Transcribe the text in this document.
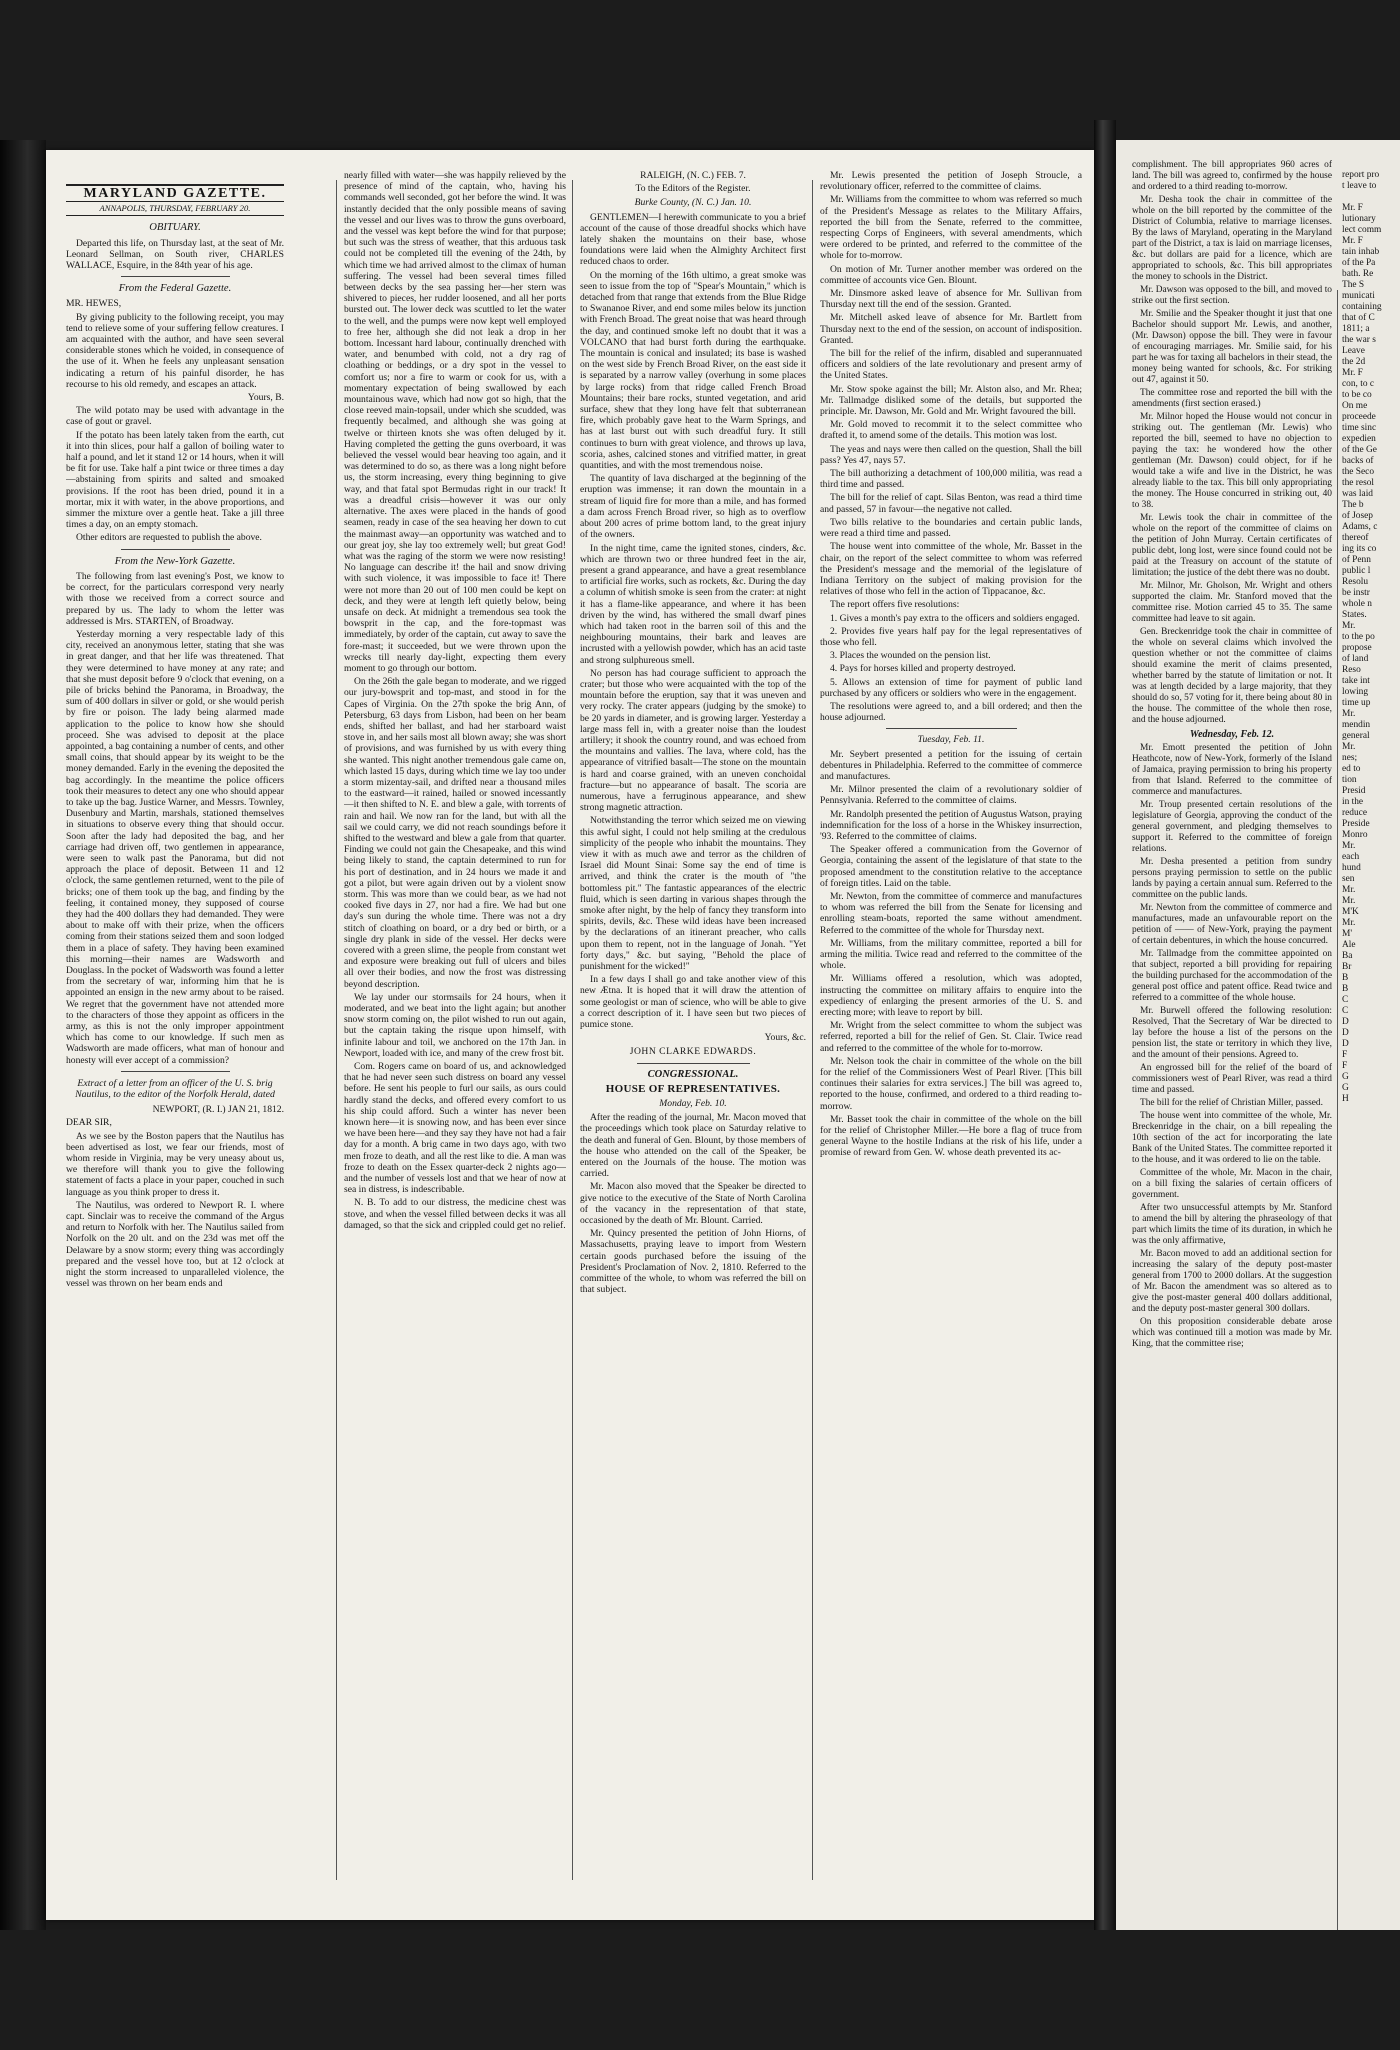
MARYLAND GAZETTE.
ANNAPOLIS, THURSDAY, FEBRUARY 20.
OBITUARY.

Departed this life, on Thursday last, at the seat of Mr. Leonard Sellman, on South river, CHARLES WALLACE, Esquire, in the 84th year of his age.

From the Federal Gazette.

MR. HEWES,

By giving publicity to the following receipt, you may tend to relieve some of your suffering fellow creatures. I am acquainted with the author, and have seen several considerable stones which he voided, in consequence of the use of it. When he feels any unpleasant sensation indicating a return of his painful disorder, he has recourse to his old remedy, and escapes an attack.

Yours, B.

The wild potato may be used with advantage in the case of gout or gravel.

If the potato has been lately taken from the earth, cut it into thin slices, pour half a gallon of boiling water to half a pound, and let it stand 12 or 14 hours, when it will be fit for use. Take half a pint twice or three times a day—abstaining from spirits and salted and smoaked provisions. If the root has been dried, pound it in a mortar, mix it with water, in the above proportions, and simmer the mixture over a gentle heat. Take a jill three times a day, on an empty stomach.

Other editors are requested to publish the above.

From the New-York Gazette.

The following from last evening's Post, we know to be correct, for the particulars correspond very nearly with those we received from a correct source and prepared by us. The lady to whom the letter was addressed is Mrs. STARTEN, of Broadway.

Yesterday morning a very respectable lady of this city, received an anonymous letter, stating that she was in great danger, and that her life was threatened. That they were determined to have money at any rate; and that she must deposit before 9 o'clock that evening, on a pile of bricks behind the Panorama, in Broadway, the sum of 400 dollars in silver or gold, or she would perish by fire or poison. The lady being alarmed made application to the police to know how she should proceed. She was advised to deposit at the place appointed, a bag containing a number of cents, and other small coins, that should appear by its weight to be the money demanded. Early in the evening the deposited the bag accordingly. In the meantime the police officers took their measures to detect any one who should appear to take up the bag. Justice Warner, and Messrs. Townley, Dusenbury and Martin, marshals, stationed themselves in situations to observe every thing that should occur. Soon after the lady had deposited the bag, and her carriage had driven off, two gentlemen in appearance, were seen to walk past the Panorama, but did not approach the place of deposit. Between 11 and 12 o'clock, the same gentlemen returned, went to the pile of bricks; one of them took up the bag, and finding by the feeling, it contained money, they supposed of course they had the 400 dollars they had demanded. They were about to make off with their prize, when the officers coming from their stations seized them and soon lodged them in a place of safety. They having been examined this morning—their names are Wadsworth and Douglass. In the pocket of Wadsworth was found a letter from the secretary of war, informing him that he is appointed an ensign in the new army about to be raised. We regret that the government have not attended more to the characters of those they appoint as officers in the army, as this is not the only improper appointment which has come to our knowledge. If such men as Wadsworth are made officers, what man of honour and honesty will ever accept of a commission?

Extract of a letter from an officer of the U. S. brig Nautilus, to the editor of the Norfolk Herald, dated

NEWPORT, (R. I.) JAN 21, 1812.

DEAR SIR,

As we see by the Boston papers that the Nautilus has been advertised as lost, we fear our friends, most of whom reside in Virginia, may be very uneasy about us, we therefore will thank you to give the following statement of facts a place in your paper, couched in such language as you think proper to dress it.

The Nautilus, was ordered to Newport R. I. where capt. Sinclair was to receive the command of the Argus and return to Norfolk with her. The Nautilus sailed from Norfolk on the 20 ult. and on the 23d was met off the Delaware by a snow storm; every thing was accordingly prepared and the vessel hove too, but at 12 o'clock at night the storm increased to unparalleled violence, the vessel was thrown on her beam ends and

nearly filled with water—she was happily relieved by the presence of mind of the captain, who, having his commands well seconded, got her before the wind. It was instantly decided that the only possible means of saving the vessel and our lives was to throw the guns overboard, and the vessel was kept before the wind for that purpose; but such was the stress of weather, that this arduous task could not be completed till the evening of the 24th, by which time we had arrived almost to the climax of human suffering. The vessel had been several times filled between decks by the sea passing her—her stern was shivered to pieces, her rudder loosened, and all her ports bursted out. The lower deck was scuttled to let the water to the well, and the pumps were now kept well employed to free her, although she did not leak a drop in her bottom. Incessant hard labour, continually drenched with water, and benumbed with cold, not a dry rag of cloathing or beddings, or a dry spot in the vessel to comfort us; nor a fire to warm or cook for us, with a momentary expectation of being swallowed by each mountainous wave, which had now got so high, that the close reeved main-topsail, under which she scudded, was frequently becalmed, and although she was going at twelve or thirteen knots she was often deluged by it. Having completed the getting the guns overboard, it was believed the vessel would bear heaving too again, and it was determined to do so, as there was a long night before us, the storm increasing, every thing beginning to give way, and that fatal spot Bermudas right in our track! It was a dreadful crisis—however it was our only alternative. The axes were placed in the hands of good seamen, ready in case of the sea heaving her down to cut the mainmast away—an opportunity was watched and to our great joy, she lay too extremely well; but great God! what was the raging of the storm we were now resisting! No language can describe it! the hail and snow driving with such violence, it was impossible to face it! There were not more than 20 out of 100 men could be kept on deck, and they were at length left quietly below, being unsafe on deck. At midnight a tremendous sea took the bowsprit in the cap, and the fore-topmast was immediately, by order of the captain, cut away to save the fore-mast; it succeeded, but we were thrown upon the wrecks till nearly day-light, expecting them every moment to go through our bottom.

On the 26th the gale began to moderate, and we rigged our jury-bowsprit and top-mast, and stood in for the Capes of Virginia. On the 27th spoke the brig Ann, of Petersburg, 63 days from Lisbon, had been on her beam ends, shifted her ballast, and had her starboard waist stove in, and her sails most all blown away; she was short of provisions, and was furnished by us with every thing she wanted. This night another tremendous gale came on, which lasted 15 days, during which time we lay too under a storm mizentay-sail, and drifted near a thousand miles to the eastward—it rained, hailed or snowed incessantly—it then shifted to N. E. and blew a gale, with torrents of rain and hail. We now ran for the land, but with all the sail we could carry, we did not reach soundings before it shifted to the westward and blew a gale from that quarter. Finding we could not gain the Chesapeake, and this wind being likely to stand, the captain determined to run for his port of destination, and in 24 hours we made it and got a pilot, but were again driven out by a violent snow storm. This was more than we could bear, as we had not cooked five days in 27, nor had a fire. We had but one day's sun during the whole time. There was not a dry stitch of cloathing on board, or a dry bed or birth, or a single dry plank in side of the vessel. Her decks were covered with a green slime, the people from constant wet and exposure were breaking out full of ulcers and biles all over their bodies, and now the frost was distressing beyond description.

We lay under our stormsails for 24 hours, when it moderated, and we beat into the light again; but another snow storm coming on, the pilot wished to run out again, but the captain taking the risque upon himself, with infinite labour and toil, we anchored on the 17th Jan. in Newport, loaded with ice, and many of the crew frost bit.

Com. Rogers came on board of us, and acknowledged that he had never seen such distress on board any vessel before. He sent his people to furl our sails, as ours could hardly stand the decks, and offered every comfort to us his ship could afford. Such a winter has never been known here—it is snowing now, and has been ever since we have been here—and they say they have not had a fair day for a month. A brig came in two days ago, with two men froze to death, and all the rest like to die. A man was froze to death on the Essex quarter-deck 2 nights ago—and the number of vessels lost and that we hear of now at sea in distress, is indescribable.

N. B. To add to our distress, the medicine chest was stove, and when the vessel filled between decks it was all damaged, so that the sick and crippled could get no relief.

RALEIGH, (N. C.) FEB. 7.

To the Editors of the Register.

Burke County, (N. C.) Jan. 10.

GENTLEMEN—I herewith communicate to you a brief account of the cause of those dreadful shocks which have lately shaken the mountains on their base, whose foundations were laid when the Almighty Architect first reduced chaos to order.

On the morning of the 16th ultimo, a great smoke was seen to issue from the top of "Spear's Mountain," which is detached from that range that extends from the Blue Ridge to Swananoe River, and end some miles below its junction with French Broad. The great noise that was heard through the day, and continued smoke left no doubt that it was a VOLCANO that had burst forth during the earthquake. The mountain is conical and insulated; its base is washed on the west side by French Broad River, on the east side it is separated by a narrow valley (overhung in some places by large rocks) from that ridge called French Broad Mountains; their bare rocks, stunted vegetation, and arid surface, shew that they long have felt that subterranean fire, which probably gave heat to the Warm Springs, and has at last burst out with such dreadful fury. It still continues to burn with great violence, and throws up lava, scoria, ashes, calcined stones and vitrified matter, in great quantities, and with the most tremendous noise.

The quantity of lava discharged at the beginning of the eruption was immense; it ran down the mountain in a stream of liquid fire for more than a mile, and has formed a dam across French Broad river, so high as to overflow about 200 acres of prime bottom land, to the great injury of the owners.

In the night time, came the ignited stones, cinders, &c. which are thrown two or three hundred feet in the air, present a grand appearance, and have a great resemblance to artificial fire works, such as rockets, &c. During the day a column of whitish smoke is seen from the crater: at night it has a flame-like appearance, and where it has been driven by the wind, has withered the small dwarf pines which had taken root in the barren soil of this and the neighbouring mountains, their bark and leaves are incrusted with a yellowish powder, which has an acid taste and strong sulphureous smell.

No person has had courage sufficient to approach the crater; but those who were acquainted with the top of the mountain before the eruption, say that it was uneven and very rocky. The crater appears (judging by the smoke) to be 20 yards in diameter, and is growing larger. Yesterday a large mass fell in, with a greater noise than the loudest artillery; it shook the country round, and was echoed from the mountains and vallies. The lava, where cold, has the appearance of vitrified basalt—The stone on the mountain is hard and coarse grained, with an uneven conchoidal fracture—but no appearance of basalt. The scoria are numerous, have a ferruginous appearance, and shew strong magnetic attraction.

Notwithstanding the terror which seized me on viewing this awful sight, I could not help smiling at the credulous simplicity of the people who inhabit the mountains. They view it with as much awe and terror as the children of Israel did Mount Sinai: Some say the end of time is arrived, and think the crater is the mouth of "the bottomless pit." The fantastic appearances of the electric fluid, which is seen darting in various shapes through the smoke after night, by the help of fancy they transform into spirits, devils, &c. These wild ideas have been increased by the declarations of an itinerant preacher, who calls upon them to repent, not in the language of Jonah. "Yet forty days," &c. but saying, "Behold the place of punishment for the wicked!"

In a few days I shall go and take another view of this new Ætna. It is hoped that it will draw the attention of some geologist or man of science, who will be able to give a correct description of it. I have seen but two pieces of pumice stone.

Yours, &c.

JOHN CLARKE EDWARDS.

CONGRESSIONAL.
HOUSE OF REPRESENTATIVES.

Monday, Feb. 10.

After the reading of the journal, Mr. Macon moved that the proceedings which took place on Saturday relative to the death and funeral of Gen. Blount, by those members of the house who attended on the call of the Speaker, be entered on the Journals of the house. The motion was carried.

Mr. Macon also moved that the Speaker be directed to give notice to the executive of the State of North Carolina of the vacancy in the representation of that state, occasioned by the death of Mr. Blount. Carried.

Mr. Quincy presented the petition of John Hiorns, of Massachusetts, praying leave to import from Western certain goods purchased before the issuing of the President's Proclamation of Nov. 2, 1810. Referred to the committee of the whole, to whom was referred the bill on that subject.

Mr. Lewis presented the petition of Joseph Stroucle, a revolutionary officer, referred to the committee of claims.

Mr. Williams from the committee to whom was referred so much of the President's Message as relates to the Military Affairs, reported the bill from the Senate, referred to the committee, respecting Corps of Engineers, with several amendments, which were ordered to be printed, and referred to the committee of the whole for to-morrow.

On motion of Mr. Turner another member was ordered on the committee of accounts vice Gen. Blount.

Mr. Dinsmore asked leave of absence for Mr. Sullivan from Thursday next till the end of the session. Granted.

Mr. Mitchell asked leave of absence for Mr. Bartlett from Thursday next to the end of the session, on account of indisposition. Granted.

The bill for the relief of the infirm, disabled and superannuated officers and soldiers of the late revolutionary and present army of the United States.

Mr. Stow spoke against the bill; Mr. Alston also, and Mr. Rhea; Mr. Tallmadge disliked some of the details, but supported the principle. Mr. Dawson, Mr. Gold and Mr. Wright favoured the bill.

Mr. Gold moved to recommit it to the select committee who drafted it, to amend some of the details. This motion was lost.

The yeas and nays were then called on the question, Shall the bill pass? Yes 47, nays 57.

The bill authorizing a detachment of 100,000 militia, was read a third time and passed.

The bill for the relief of capt. Silas Benton, was read a third time and passed, 57 in favour—the negative not called.

Two bills relative to the boundaries and certain public lands, were read a third time and passed.

The house went into committee of the whole, Mr. Basset in the chair, on the report of the select committee to whom was referred the President's message and the memorial of the legislature of Indiana Territory on the subject of making provision for the relatives of those who fell in the action of Tippacanoe, &c.

The report offers five resolutions:

1. Gives a month's pay extra to the officers and soldiers engaged.

2. Provides five years half pay for the legal representatives of those who fell.

3. Places the wounded on the pension list.

4. Pays for horses killed and property destroyed.

5. Allows an extension of time for payment of public land purchased by any officers or soldiers who were in the engagement.

The resolutions were agreed to, and a bill ordered; and then the house adjourned.

Tuesday, Feb. 11.

Mr. Seybert presented a petition for the issuing of certain debentures in Philadelphia. Referred to the committee of commerce and manufactures.

Mr. Milnor presented the claim of a revolutionary soldier of Pennsylvania. Referred to the committee of claims.

Mr. Randolph presented the petition of Augustus Watson, praying indemnification for the loss of a horse in the Whiskey insurrection, '93. Referred to the committee of claims.

The Speaker offered a communication from the Governor of Georgia, containing the assent of the legislature of that state to the proposed amendment to the constitution relative to the acceptance of foreign titles. Laid on the table.

Mr. Newton, from the committee of commerce and manufactures to whom was referred the bill from the Senate for licensing and enrolling steam-boats, reported the same without amendment. Referred to the committee of the whole for Thursday next.

Mr. Williams, from the military committee, reported a bill for arming the militia. Twice read and referred to the committee of the whole.

Mr. Williams offered a resolution, which was adopted, instructing the committee on military affairs to enquire into the expediency of enlarging the present armories of the U. S. and erecting more; with leave to report by bill.

Mr. Wright from the select committee to whom the subject was referred, reported a bill for the relief of Gen. St. Clair. Twice read and referred to the committee of the whole for to-morrow.

Mr. Nelson took the chair in committee of the whole on the bill for the relief of the Commissioners West of Pearl River. [This bill continues their salaries for extra services.] The bill was agreed to, reported to the house, confirmed, and ordered to a third reading to-morrow.

Mr. Basset took the chair in committee of the whole on the bill for the relief of Christopher Miller.—He bore a flag of truce from general Wayne to the hostile Indians at the risk of his life, under a promise of reward from Gen. W. whose death prevented its ac-

complishment. The bill appropriates 960 acres of land. The bill was agreed to, confirmed by the house and ordered to a third reading to-morrow.

Mr. Desha took the chair in committee of the whole on the bill reported by the committee of the District of Columbia, relative to marriage licenses. By the laws of Maryland, operating in the Maryland part of the District, a tax is laid on marriage licenses, &c. but dollars are paid for a licence, which are appropriated to schools, &c. This bill appropriates the money to schools in the District.

Mr. Dawson was opposed to the bill, and moved to strike out the first section.

Mr. Smilie and the Speaker thought it just that one Bachelor should support Mr. Lewis, and another, (Mr. Dawson) oppose the bill. They were in favour of encouraging marriages. Mr. Smilie said, for his part he was for taxing all bachelors in their stead, the money being wanted for schools, &c. For striking out 47, against it 50.

The committee rose and reported the bill with the amendments (first section erased.)

Mr. Milnor hoped the House would not concur in striking out. The gentleman (Mr. Lewis) who reported the bill, seemed to have no objection to paying the tax: he wondered how the other gentleman (Mr. Dawson) could object, for if he would take a wife and live in the District, he was already liable to the tax. This bill only appropriating the money. The House concurred in striking out, 40 to 38.

Mr. Lewis took the chair in committee of the whole on the report of the committee of claims on the petition of John Murray. Certain certificates of public debt, long lost, were since found could not be paid at the Treasury on account of the statute of limitation; the justice of the debt there was no doubt.

Mr. Milnor, Mr. Gholson, Mr. Wright and others supported the claim. Mr. Stanford moved that the committee rise. Motion carried 45 to 35. The same committee had leave to sit again.

Gen. Breckenridge took the chair in committee of the whole on several claims which involved the question whether or not the committee of claims should examine the merit of claims presented, whether barred by the statute of limitation or not. It was at length decided by a large majority, that they should do so, 57 voting for it, there being about 80 in the house. The committee of the whole then rose, and the house adjourned.

Wednesday, Feb. 12.

Mr. Emott presented the petition of John Heathcote, now of New-York, formerly of the Island of Jamaica, praying permission to bring his property from that Island. Referred to the committee of commerce and manufactures.

Mr. Troup presented certain resolutions of the legislature of Georgia, approving the conduct of the general government, and pledging themselves to support it. Referred to the committee of foreign relations.

Mr. Desha presented a petition from sundry persons praying permission to settle on the public lands by paying a certain annual sum. Referred to the committee on the public lands.

Mr. Newton from the committee of commerce and manufactures, made an unfavourable report on the petition of —— of New-York, praying the payment of certain debentures, in which the house concurred.

Mr. Tallmadge from the committee appointed on that subject, reported a bill providing for repairing the building purchased for the accommodation of the general post office and patent office. Read twice and referred to a committee of the whole house.

Mr. Burwell offered the following resolution: Resolved, That the Secretary of War be directed to lay before the house a list of the persons on the pension list, the state or territory in which they live, and the amount of their pensions. Agreed to.

An engrossed bill for the relief of the board of commissioners west of Pearl River, was read a third time and passed.

The bill for the relief of Christian Miller, passed.

The house went into committee of the whole, Mr. Breckenridge in the chair, on a bill repealing the 10th section of the act for incorporating the late Bank of the United States. The committee reported it to the house, and it was ordered to lie on the table.

Committee of the whole, Mr. Macon in the chair, on a bill fixing the salaries of certain officers of government.

After two unsuccessful attempts by Mr. Stanford to amend the bill by altering the phraseology of that part which limits the time of its duration, in which he was the only affirmative,

Mr. Bacon moved to add an additional section for increasing the salary of the deputy post-master general from 1700 to 2000 dollars. At the suggestion of Mr. Bacon the amendment was so altered as to give the post-master general 400 dollars additional, and the deputy post-master general 300 dollars.

On this proposition considerable debate arose which was continued till a motion was made by Mr. King, that the committee rise;

report pro
t leave to
Mr. F
lutionary
lect comm
Mr. F
tain inhab
of the Pa
bath. Re
The S
municati
containing
that of C
1811; a
the war s
Leave
the 2d
Mr. F
con, to c
to be co
On me
proceede
time sinc
expedien
of the Ge
backs of
the Seco
the resol
was laid
The b
of Josep
Adams, c
thereof
ing its co
of Penn
public l
Resolu
be instr
whole n
States.
Mr.
to the po
propose
of land
Reso
take int
lowing
time up
Mr.
mendin
general
Mr.
nes;
ed to
tion
Presid
in the
reduce
Preside
Monro
Mr.
each
hund
sen
Mr.
Mr.
M'K
Mr.
M'
Ale
Ba
Br
B
B
C
C
D
D
D
F
F
G
G
H
